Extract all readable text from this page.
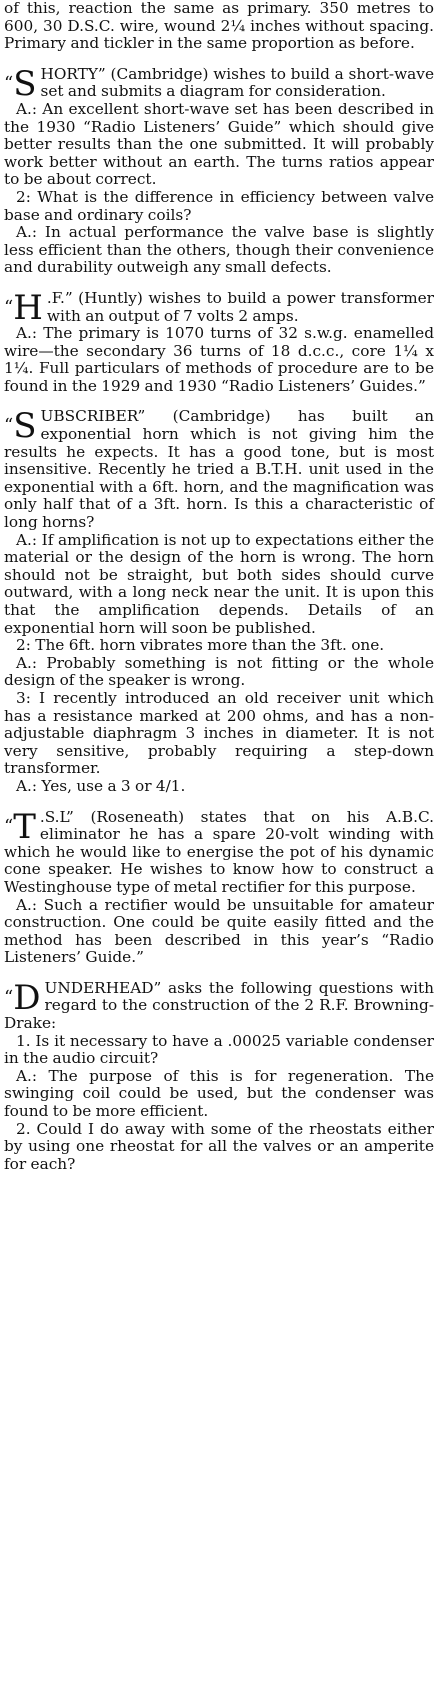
of this, reaction the same as primary. 350 metres to 600, 30 D.S.C. wire, wound 2¼ inches without spacing. Primary and tickler in the same proportion as before.

“S HORTY” (Cambridge) wishes to build a short-wave set and submits a diagram for consideration.

A.: An excellent short-wave set has been described in the 1930 “Radio Listeners’ Guide” which should give better results than the one submitted. It will probably work better without an earth. The turns ratios appear to be about correct.

2: What is the difference in efficiency between valve base and ordinary coils?

A.: In actual performance the valve base is slightly less efficient than the others, though their convenience and durability outweigh any small defects.

“H .F.” (Huntly) wishes to build a power transformer with an output of 7 volts 2 amps.

A.: The primary is 1070 turns of 32 s.w.g. enamelled wire—the secondary 36 turns of 18 d.c.c., core 1¼ x 1¼. Full particulars of methods of procedure are to be found in the 1929 and 1930 “Radio Listeners’ Guides.”

“S UBSCRIBER” (Cambridge) has built an exponential horn which is not giving him the results he expects. It has a good tone, but is most insensitive. Recently he tried a B.T.H. unit used in the exponential with a 6ft. horn, and the magnification was only half that of a 3ft. horn. Is this a characteristic of long horns?

A.: If amplification is not up to expectations either the material or the design of the horn is wrong. The horn should not be straight, but both sides should curve outward, with a long neck near the unit. It is upon this that the amplification depends. Details of an exponential horn will soon be published.

2: The 6ft. horn vibrates more than the 3ft. one.

A.: Probably something is not fitting or the whole design of the speaker is wrong.

3: I recently introduced an old receiver unit which has a resistance marked at 200 ohms, and has a non-adjustable diaphragm 3 inches in diameter. It is not very sensitive, probably requiring a step-down transformer.

A.: Yes, use a 3 or 4/1.

“T .S.L” (Roseneath) states that on his A.B.C. eliminator he has a spare 20-volt winding with which he would like to energise the pot of his dynamic cone speaker. He wishes to know how to construct a Westinghouse type of metal rectifier for this purpose.

A.: Such a rectifier would be unsuitable for amateur construction. One could be quite easily fitted and the method has been described in this year’s “Radio Listeners’ Guide.”

“D UNDERHEAD” asks the following questions with regard to the construction of the 2 R.F. Browning-Drake:

1. Is it necessary to have a .00025 variable condenser in the audio circuit?

A.: The purpose of this is for regeneration. The swinging coil could be used, but the condenser was found to be more efficient.

2. Could I do away with some of the rheostats either by using one rheostat for all the valves or an amperite for each?
